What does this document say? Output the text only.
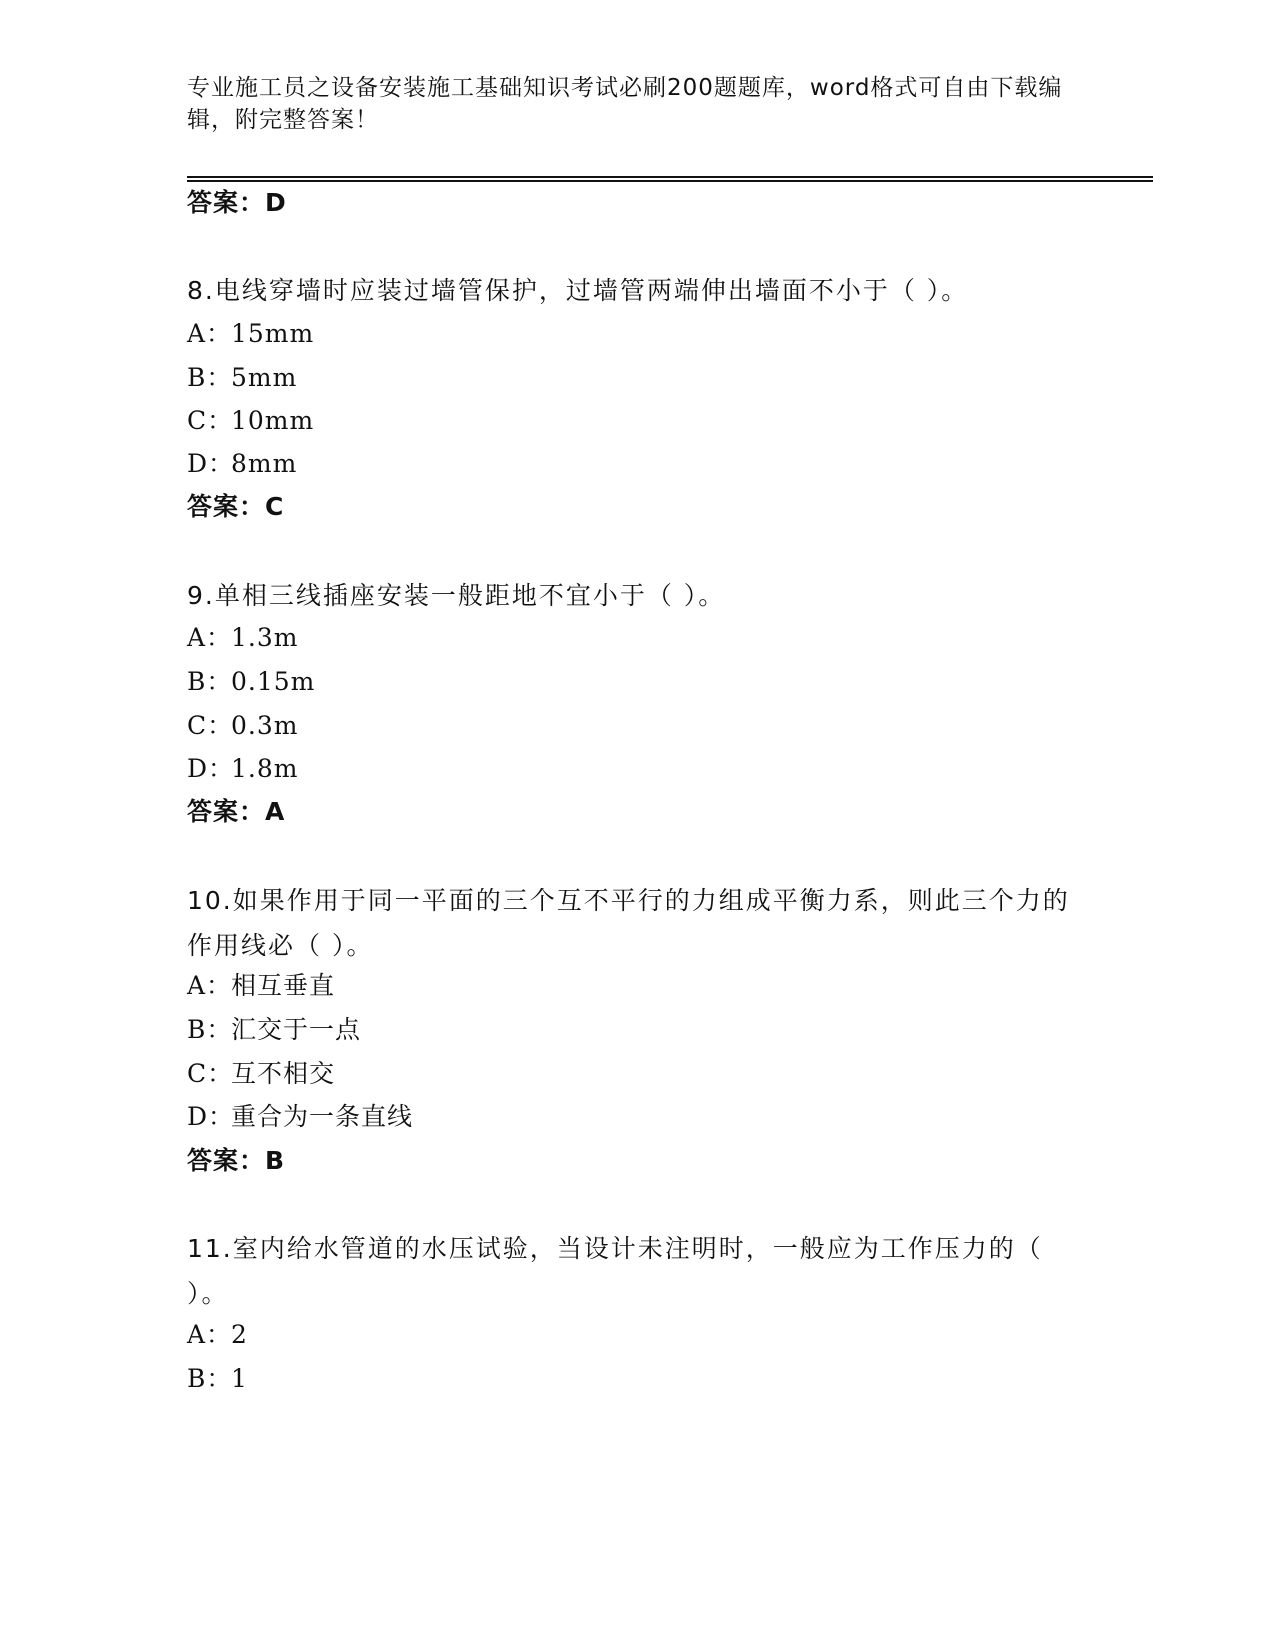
专业施工员之设备安装施工基础知识考试必刷200题题库，word格式可自由下载编辑，附完整答案！
答案：D
8.电线穿墙时应装过墙管保护，过墙管两端伸出墙面不小于（ ）。
A：15mm
B：5mm
C：10mm
D：8mm
答案：C
9.单相三线插座安装一般距地不宜小于（ ）。
A：1.3m
B：0.15m
C：0.3m
D：1.8m
答案：A
10.如果作用于同一平面的三个互不平行的力组成平衡力系，则此三个力的作用线必（ ）。
A：相互垂直
B：汇交于一点
C：互不相交
D：重合为一条直线
答案：B
11.室内给水管道的水压试验，当设计未注明时，一般应为工作压力的（ ）。
A：2
B：1
